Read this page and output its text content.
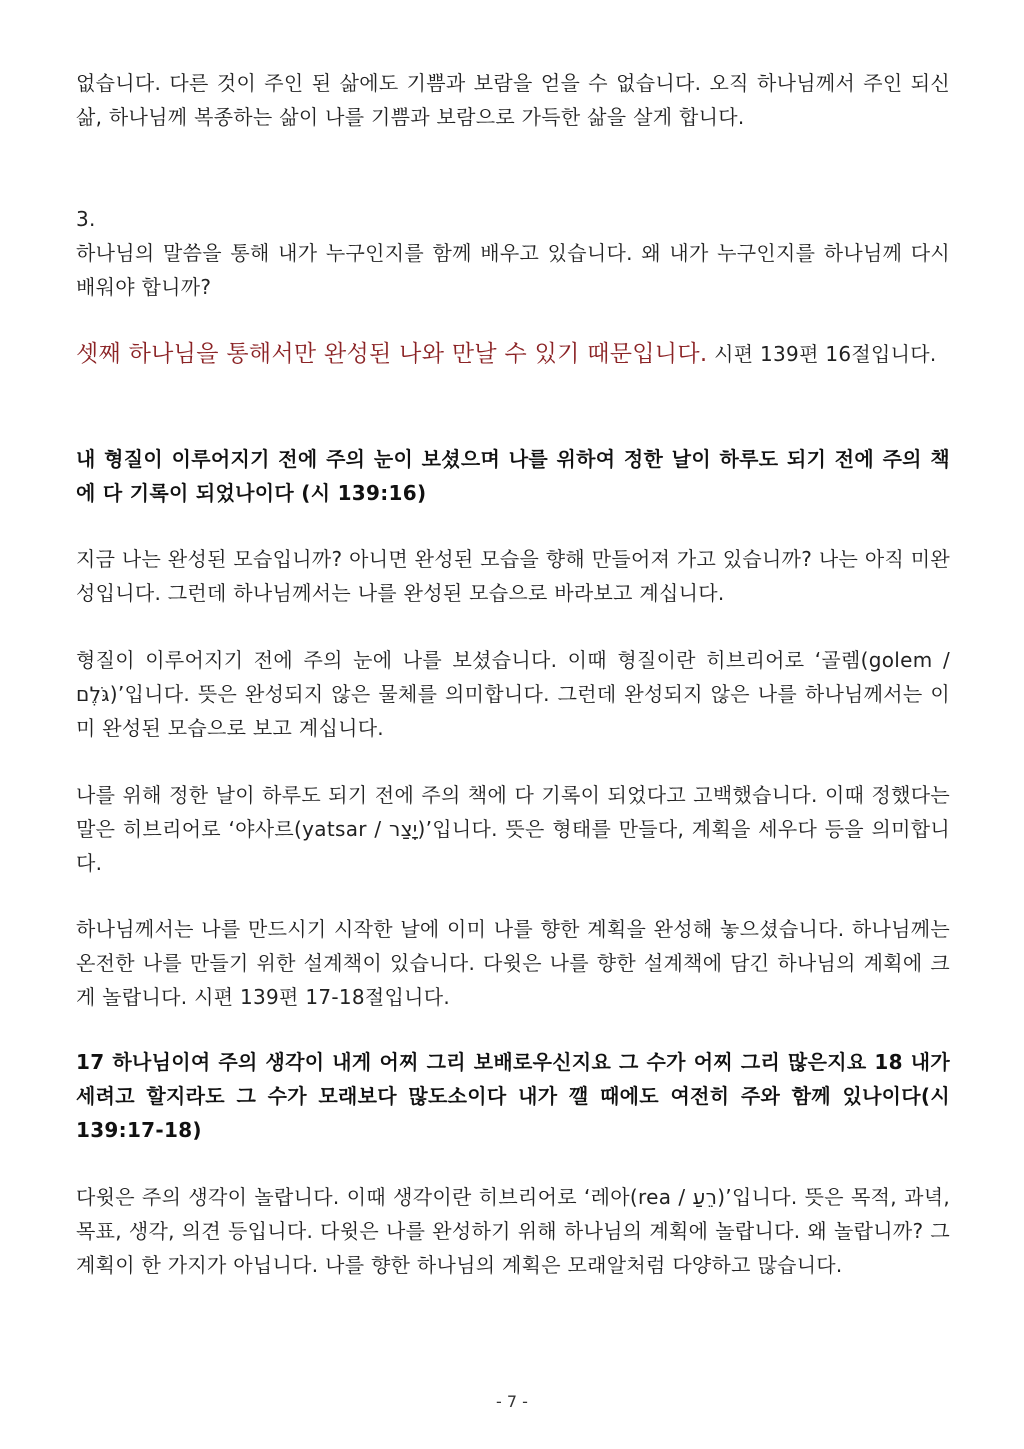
없습니다. 다른 것이 주인 된 삶에도 기쁨과 보람을 얻을 수 없습니다. 오직 하나님께서 주인 되신 삶, 하나님께 복종하는 삶이 나를 기쁨과 보람으로 가득한 삶을 살게 합니다.
3.
하나님의 말씀을 통해 내가 누구인지를 함께 배우고 있습니다. 왜 내가 누구인지를 하나님께 다시 배워야 합니까?
셋째 하나님을 통해서만 완성된 나와 만날 수 있기 때문입니다. 시편 139편 16절입니다.
내 형질이 이루어지기 전에 주의 눈이 보셨으며 나를 위하여 정한 날이 하루도 되기 전에 주의 책에 다 기록이 되었나이다 (시 139:16)
지금 나는 완성된 모습입니까? 아니면 완성된 모습을 향해 만들어져 가고 있습니까? 나는 아직 미완성입니다. 그런데 하나님께서는 나를 완성된 모습으로 바라보고 계십니다.
형질이 이루어지기 전에 주의 눈에 나를 보셨습니다. 이때 형질이란 히브리어로 ‘골렘(golem / גֹּלֶם)’입니다. 뜻은 완성되지 않은 물체를 의미합니다. 그런데 완성되지 않은 나를 하나님께서는 이미 완성된 모습으로 보고 계십니다.
나를 위해 정한 날이 하루도 되기 전에 주의 책에 다 기록이 되었다고 고백했습니다. 이때 정했다는 말은 히브리어로 ‘야사르(yatsar / יָצַר)’입니다. 뜻은 형태를 만들다, 계획을 세우다 등을 의미합니다.
하나님께서는 나를 만드시기 시작한 날에 이미 나를 향한 계획을 완성해 놓으셨습니다. 하나님께는 온전한 나를 만들기 위한 설계책이 있습니다. 다윗은 나를 향한 설계책에 담긴 하나님의 계획에 크게 놀랍니다. 시편 139편 17-18절입니다.
17 하나님이여 주의 생각이 내게 어찌 그리 보배로우신지요 그 수가 어찌 그리 많은지요 18 내가 세려고 할지라도 그 수가 모래보다 많도소이다 내가 깰 때에도 여전히 주와 함께 있나이다(시 139:17-18)
다윗은 주의 생각이 놀랍니다. 이때 생각이란 히브리어로 ‘레아(rea / רֵעַ)’입니다. 뜻은 목적, 과녁, 목표, 생각, 의견 등입니다. 다윗은 나를 완성하기 위해 하나님의 계획에 놀랍니다. 왜 놀랍니까? 그 계획이 한 가지가 아닙니다. 나를 향한 하나님의 계획은 모래알처럼 다양하고 많습니다.
- 7 -
